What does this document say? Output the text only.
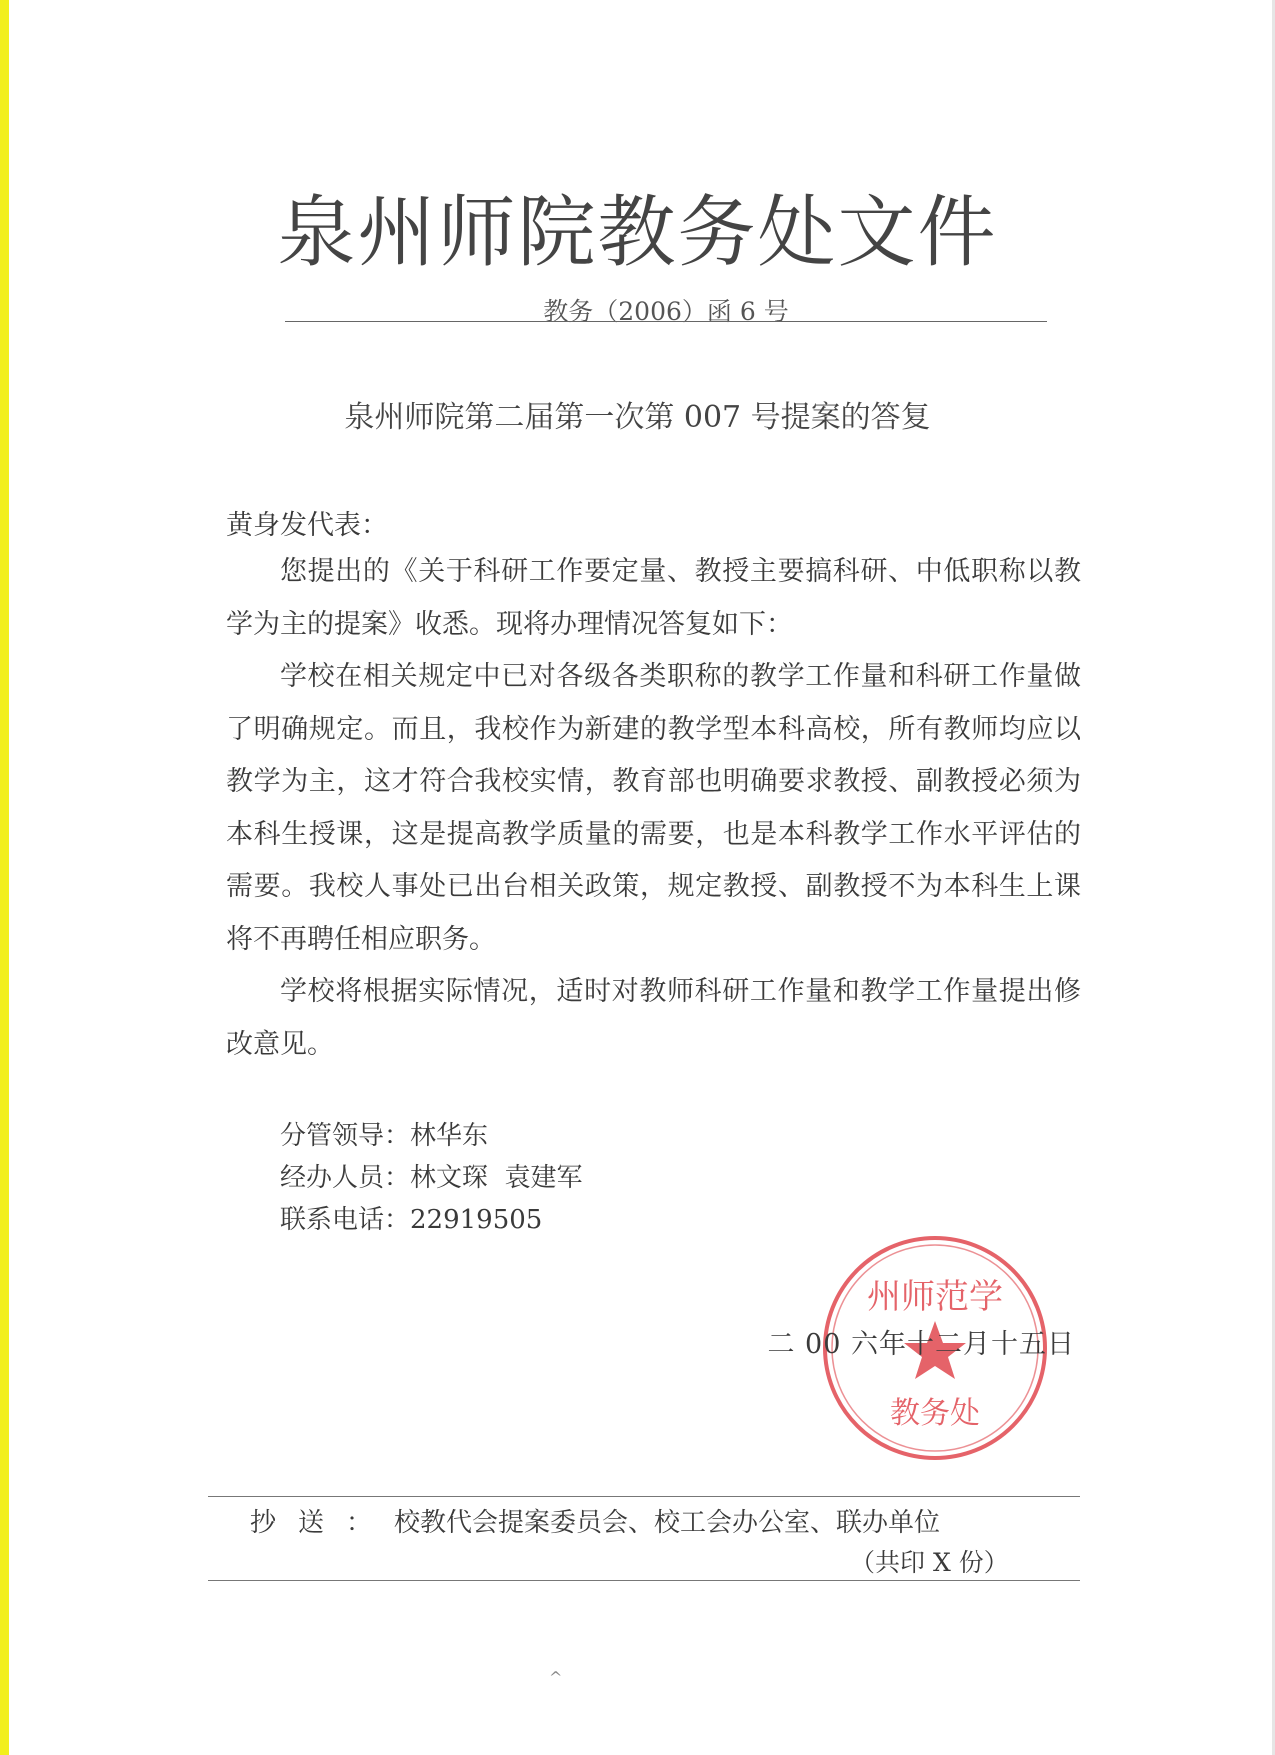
泉州师院教务处文件
教务（2006）函 6 号
泉州师院第二届第一次第 007 号提案的答复
黄身发代表：

您提出的《关于科研工作要定量、教授主要搞科研、中低职称以教学为主的提案》收悉。现将办理情况答复如下：

学校在相关规定中已对各级各类职称的教学工作量和科研工作量做了明确规定。而且，我校作为新建的教学型本科高校，所有教师均应以教学为主，这才符合我校实情，教育部也明确要求教授、副教授必须为本科生授课，这是提高教学质量的需要，也是本科教学工作水平评估的需要。我校人事处已出台相关政策，规定教授、副教授不为本科生上课将不再聘任相应职务。

学校将根据实际情况，适时对教师科研工作量和教学工作量提出修改意见。

分管领导：林华东
经办人员：林文琛  袁建军
联系电话：22919505
州师范学
教务处
二 00 六年十二月十五日
抄送：校教代会提案委员会、校工会办公室、联办单位
（共印 X 份）
^
